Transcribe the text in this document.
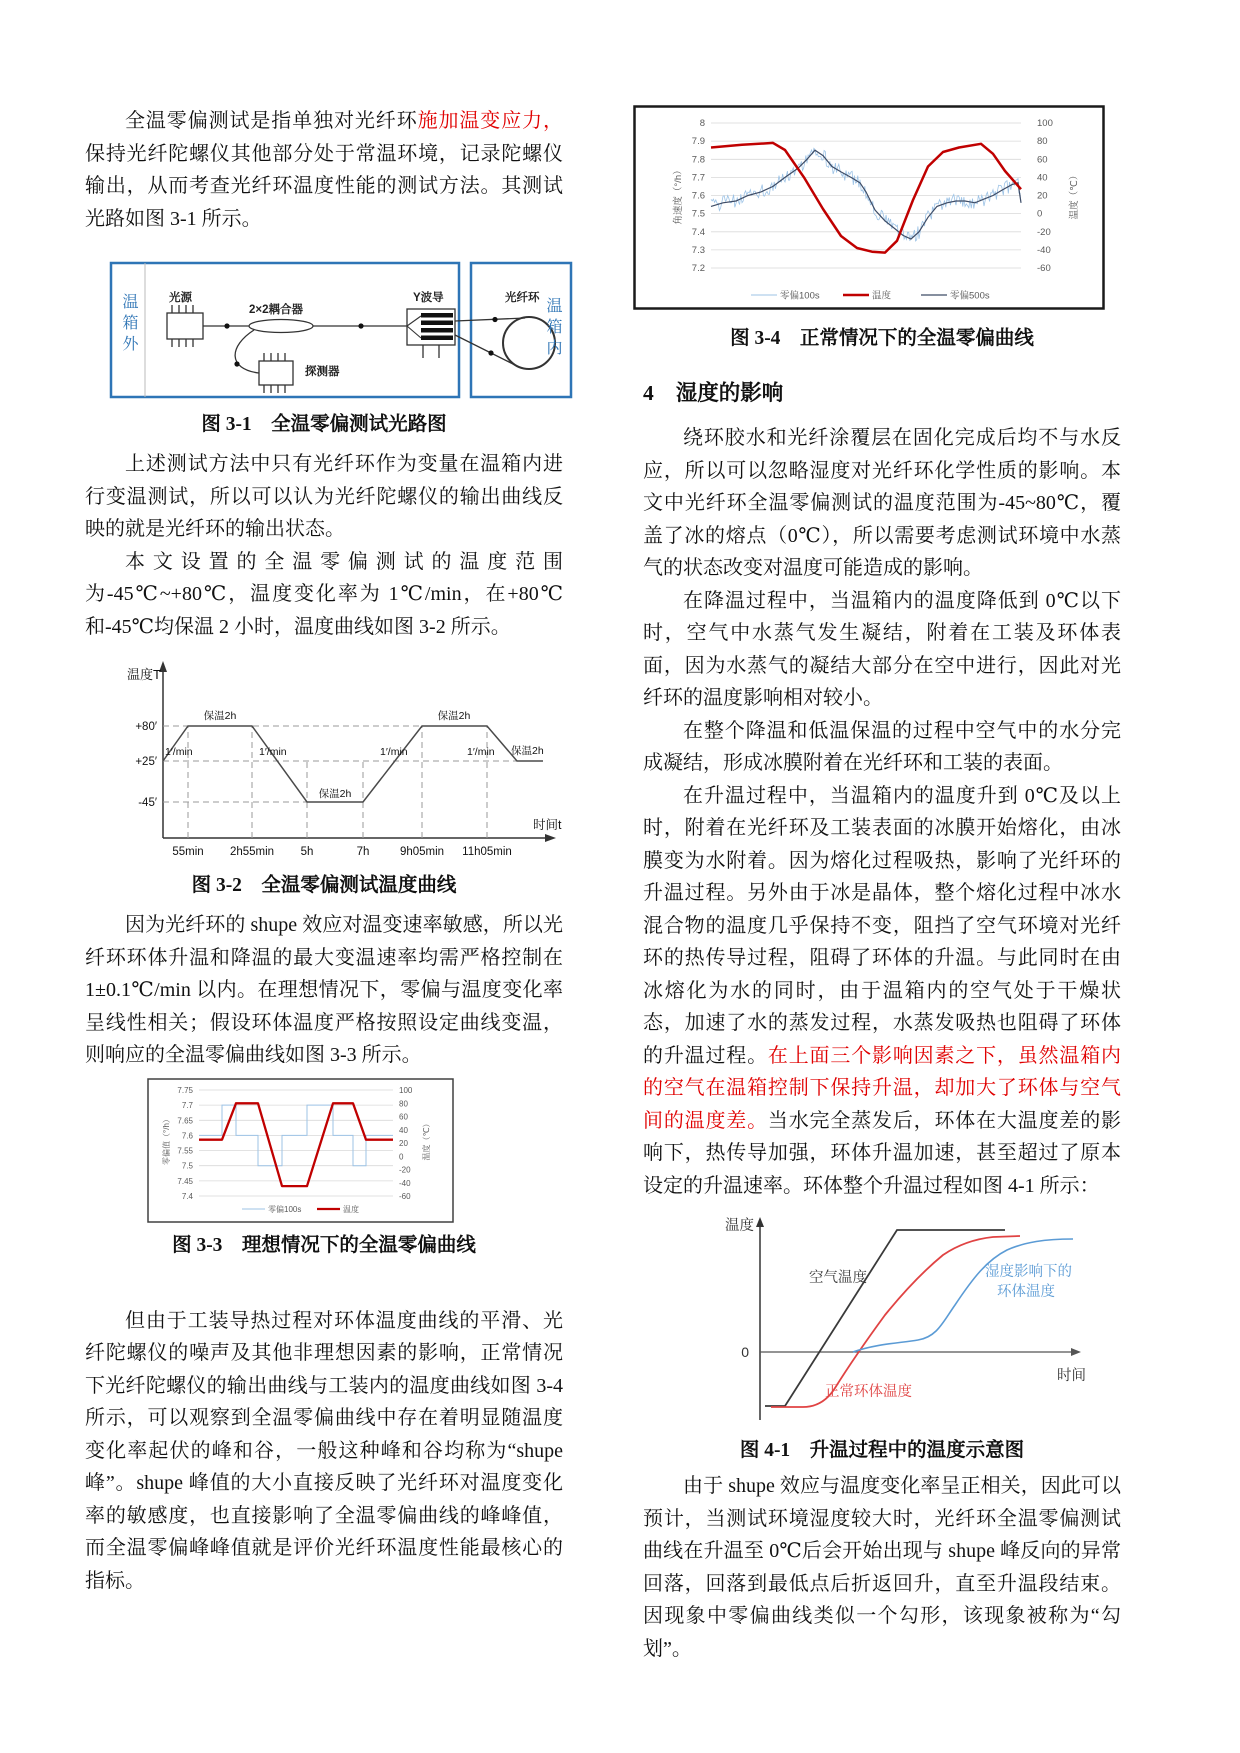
全温零偏测试是指单独对光纤环施加温变应力，保持光纤陀螺仪其他部分处于常温环境，记录陀螺仪输出，从而考查光纤环温度性能的测试方法。其测试光路如图 3-1 所示。

温箱外	温箱内
光源
2×2耦合器
探测器
Y波导	光纤环
图 3-1　全温零偏测试光路图

上述测试方法中只有光纤环作为变量在温箱内进行变温测试，所以可以认为光纤陀螺仪的输出曲线反映的就是光纤环的输出状态。

本文设置的全温零偏测试的温度范围为-45℃~+80℃，温度变化率为 1℃/min，在+80℃和-45℃均保温 2 小时，温度曲线如图 3-2 所示。

温度T
时间t
+80′
+25′
-45′
55min 2h55min 5h	7h	9h05min 11h05min
保温2h
保温2h
保温2h
保温2h
1′/min	1′/min	1′/min	1′/min
图 3-2　全温零偏测试温度曲线

因为光纤环的 shupe 效应对温变速率敏感，所以光纤环环体升温和降温的最大变温速率均需严格控制在 1±0.1℃/min 以内。在理想情况下，零偏与温度变化率呈线性相关；假设环体温度严格按照设定曲线变温，则响应的全温零偏曲线如图 3-3 所示。

7.75
7.7
7.65
7.6
7.55
7.5
7.45
7.4
100
80
60
40
20
0
-20
-40
-60
零偏值（°/h）	温度（℃）
零偏100s	温度
图 3-3　理想情况下的全温零偏曲线

但由于工装导热过程对环体温度曲线的平滑、光纤陀螺仪的噪声及其他非理想因素的影响，正常情况下光纤陀螺仪的输出曲线与工装内的温度曲线如图 3-4 所示，可以观察到全温零偏曲线中存在着明显随温度变化率起伏的峰和谷，一般这种峰和谷均称为“shupe 峰”。shupe 峰值的大小直接反映了光纤环对温度变化率的敏感度，也直接影响了全温零偏曲线的峰峰值，而全温零偏峰峰值就是评价光纤环温度性能最核心的指标。

8
7.9
7.8
7.7
7.6
7.5
7.4
7.3
7.2
100
80
60
40
20
0
-20
-40
-60
角速度（°/h）	温度（℃）
零偏100s	温度	零偏500s
图 3-4　正常情况下的全温零偏曲线
4 湿度的影响

绕环胶水和光纤涂覆层在固化完成后均不与水反应，所以可以忽略湿度对光纤环化学性质的影响。本文中光纤环全温零偏测试的温度范围为-45~80℃，覆盖了冰的熔点（0℃），所以需要考虑测试环境中水蒸气的状态改变对温度可能造成的影响。

在降温过程中，当温箱内的温度降低到 0℃以下时，空气中水蒸气发生凝结，附着在工装及环体表面，因为水蒸气的凝结大部分在空中进行，因此对光纤环的温度影响相对较小。

在整个降温和低温保温的过程中空气中的水分完成凝结，形成冰膜附着在光纤环和工装的表面。

在升温过程中，当温箱内的温度升到 0℃及以上时，附着在光纤环及工装表面的冰膜开始熔化，由冰膜变为水附着。因为熔化过程吸热，影响了光纤环的升温过程。另外由于冰是晶体，整个熔化过程中冰水混合物的温度几乎保持不变，阻挡了空气环境对光纤环的热传导过程，阻碍了环体的升温。与此同时在由冰熔化为水的同时，由于温箱内的空气处于干燥状态，加速了水的蒸发过程，水蒸发吸热也阻碍了环体的升温过程。在上面三个影响因素之下，虽然温箱内的空气在温箱控制下保持升温，却加大了环体与空气间的温度差。当水完全蒸发后，环体在大温度差的影响下，热传导加强，环体升温加速，甚至超过了原本设定的升温速率。环体整个升温过程如图 4-1 所示：

温度
0
时间
空气温度
正常环体温度
湿度影响下的
环体温度
图 4-1　升温过程中的温度示意图

由于 shupe 效应与温度变化率呈正相关，因此可以预计，当测试环境湿度较大时，光纤环全温零偏测试曲线在升温至 0℃后会开始出现与 shupe 峰反向的异常回落，回落到最低点后折返回升，直至升温段结束。因现象中零偏曲线类似一个勾形，该现象被称为“勾划”。
